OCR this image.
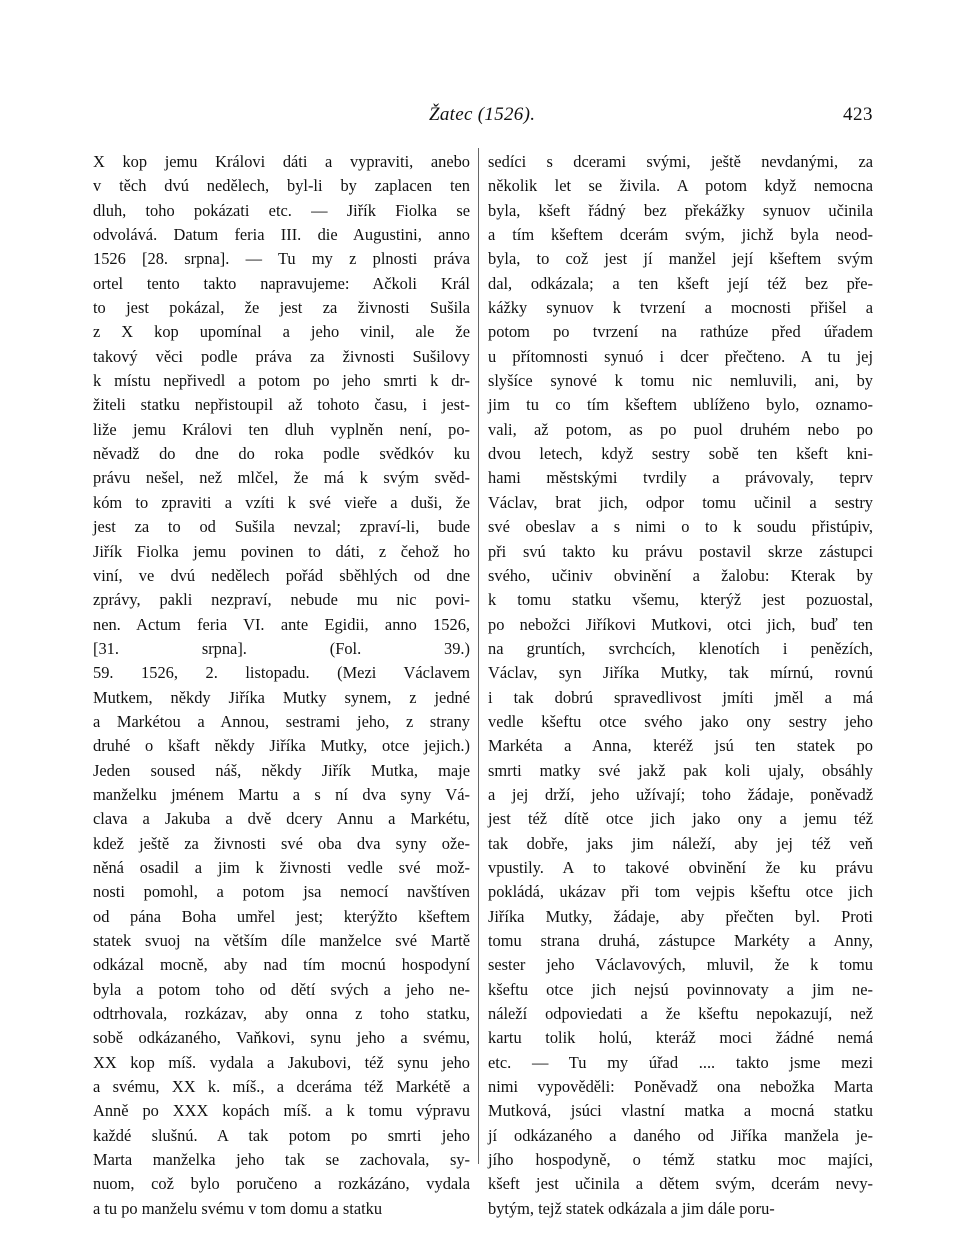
Žatec (1526).	423
X kop jemu Královi dáti a vypraviti, anebo
v těch dvú nedělech, byl-li by zaplacen ten
dluh, toho pokázati etc. — Jiřík Fiolka se
odvolává. Datum feria III. die Augustini, anno
1526 [28. srpna]. — Tu my z plnosti práva
ortel tento takto napravujeme: Ačkoli Král
to jest pokázal, že jest za živnosti Sušila
z X kop upomínal a jeho vinil, ale že
takový věci podle práva za živnosti Sušilovy
k místu nepřivedl a potom po jeho smrti k dr-
žiteli statku nepřistoupil až tohoto času, i jest-
liže jemu Královi ten dluh vyplněn není, po-
něvadž do dne do roka podle svědkóv ku
právu nešel, než mlčel, že má k svým svěd-
kóm to zpraviti a vzíti k své vieře a duši, že
jest za to od Sušila nevzal; zpraví-li, bude
Jiřík Fiolka jemu povinen to dáti, z čehož ho
viní, ve dvú nedělech pořád sběhlých od dne
zprávy, pakli nezpraví, nebude mu nic povi-
nen. Actum feria VI. ante Egidii, anno 1526,
[31. srpna]. (Fol. 39.)
59. 1526, 2. listopadu. (Mezi Václavem
Mutkem, někdy Jiříka Mutky synem, z jedné
a Markétou a Annou, sestrami jeho, z strany
druhé o kšaft někdy Jiříka Mutky, otce jejich.)
Jeden soused náš, někdy Jiřík Mutka, maje
manželku jménem Martu a s ní dva syny Vá-
clava a Jakuba a dvě dcery Annu a Markétu,
kdež ještě za živnosti své oba dva syny ože-
něná osadil a jim k živnosti vedle své mož-
nosti pomohl, a potom jsa nemocí navštíven
od pána Boha umřel jest; kterýžto kšeftem
statek svuoj na větším díle manželce své Martě
odkázal mocně, aby nad tím mocnú hospodyní
byla a potom toho od dětí svých a jeho ne-
odtrhovala, rozkázav, aby onna z toho statku,
sobě odkázaného, Vaňkovi, synu jeho a svému,
XX kop míš. vydala a Jakubovi, též synu jeho
a svému, XX k. míš., a dceráma též Markétě a
Anně po XXX kopách míš. a k tomu výpravu
každé slušnú. A tak potom po smrti jeho
Marta manželka jeho tak se zachovala, sy-
nuom, což bylo poručeno a rozkázáno, vydala
a tu po manželu svému v tom domu a statku
sedíci s dcerami svými, ještě nevdanými, za
několik let se živila. A potom když nemocna
byla, kšeft řádný bez překážky synuov učinila
a tím kšeftem dcerám svým, jichž byla neod-
byla, to což jest jí manžel její kšeftem svým
dal, odkázala; a ten kšeft její též bez pře-
kážky synuov k tvrzení a mocnosti přišel a
potom po tvrzení na rathúze před úřadem
u přítomnosti synuó i dcer přečteno. A tu jej
slyšíce synové k tomu nic nemluvili, ani, by
jim tu co tím kšeftem ublíženo bylo, oznamo-
vali, až potom, as po puol druhém nebo po
dvou letech, když sestry sobě ten kšeft kni-
hami městskými tvrdily a právovaly, teprv
Václav, brat jich, odpor tomu učinil a sestry
své obeslav a s nimi o to k soudu přistúpiv,
při svú takto ku právu postavil skrze zástupci
svého, učiniv obvinění a žalobu: Kterak by
k tomu statku všemu, kterýž jest pozuostal,
po nebožci Jiříkovi Mutkovi, otci jich, buď ten
na gruntích, svrchcích, klenotích i penězích,
Václav, syn Jiříka Mutky, tak mírnú, rovnú
i tak dobrú spravedlivost jmíti jměl a má
vedle kšeftu otce svého jako ony sestry jeho
Markéta a Anna, kteréž jsú ten statek po
smrti matky své jakž pak koli ujaly, obsáhly
a jej drží, jeho užívají; toho žádaje, poněvadž
jest též dítě otce jich jako ony a jemu též
tak dobře, jaks jim náleží, aby jej též veň
vpustily. A to takové obvinění že ku právu
pokládá, ukázav při tom vejpis kšeftu otce jich
Jiříka Mutky, žádaje, aby přečten byl. Proti
tomu strana druhá, zástupce Markéty a Anny,
sester jeho Václavových, mluvil, že k tomu
kšeftu otce jich nejsú povinnovaty a jim ne-
náleží odpoviedati a že kšeftu nepokazují, než
kartu tolik holú, kteráž moci žádné nemá
etc. — Tu my úřad .... takto jsme mezi
nimi vypověděli: Poněvadž ona nebožka Marta
Mutková, jsúci vlastní matka a mocná statku
jí odkázaného a daného od Jiříka manžela je-
jího hospodyně, o témž statku moc majíci,
kšeft jest učinila a dětem svým, dcerám nevy-
bytým, tejž statek odkázala a jim dále poru-
